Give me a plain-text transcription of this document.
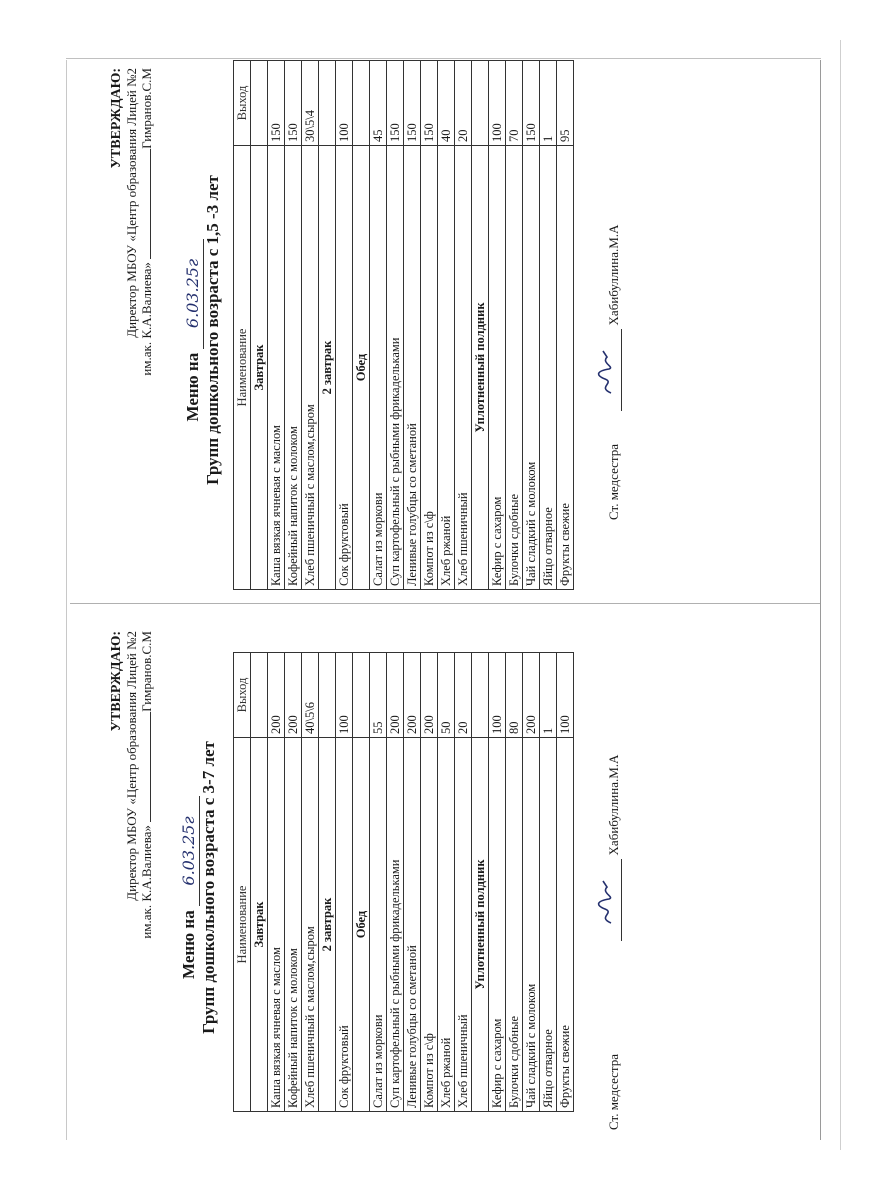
УТВЕРЖДАЮ: Директор МБОУ «Центр образования Лицей №2 им.ак. К.А.Валиева» Гимранов.С.М
Меню на 6.03.25г Групп дошкольного возраста с 1,5 -3 лет Наименование	Выход
Завтрак	
Каша вязкая ячневая с маслом	150
Кофейный напиток с молоком	150
Хлеб пшеничный с маслом,сыром	30\5\4
2 завтрак	
Сок фруктовый	100
Обед	
Салат из моркови	45
Суп картофельный с рыбными фрикадельками	150
Ленивые голубцы со сметаной	150
Компот из с\ф	150
Хлеб ржаной	40
Хлеб пшеничный	20
Уплотненный полдник	
Кефир с сахаром	100
Булочки сдобные	70
Чай сладкий с молоком	150
Яйцо отварное	1
Фрукты свежие	95
Ст. медсестра
Хабибуллина.М.А
УТВЕРЖДАЮ: Директор МБОУ «Центр образования Лицей №2 им.ак. К.А.Валиева» Гимранов.С.М
Меню на 6.03.25г Групп дошкольного возраста с 3-7 лет Наименование	Выход
Завтрак	
Каша вязкая ячневая с маслом	200
Кофейный напиток с молоком	200
Хлеб пшеничный с маслом,сыром	40\5\6
2 завтрак	
Сок фруктовый	100
Обед	
Салат из моркови	55
Суп картофельный с рыбными фрикадельками	200
Ленивые голубцы со сметаной	200
Компот из с\ф	200
Хлеб ржаной	50
Хлеб пшеничный	20
Уплотненный полдник	
Кефир с сахаром	100
Булочки сдобные	80
Чай сладкий с молоком	200
Яйцо отварное	1
Фрукты свежие	100
Ст. медсестра
Хабибуллина.М.А
